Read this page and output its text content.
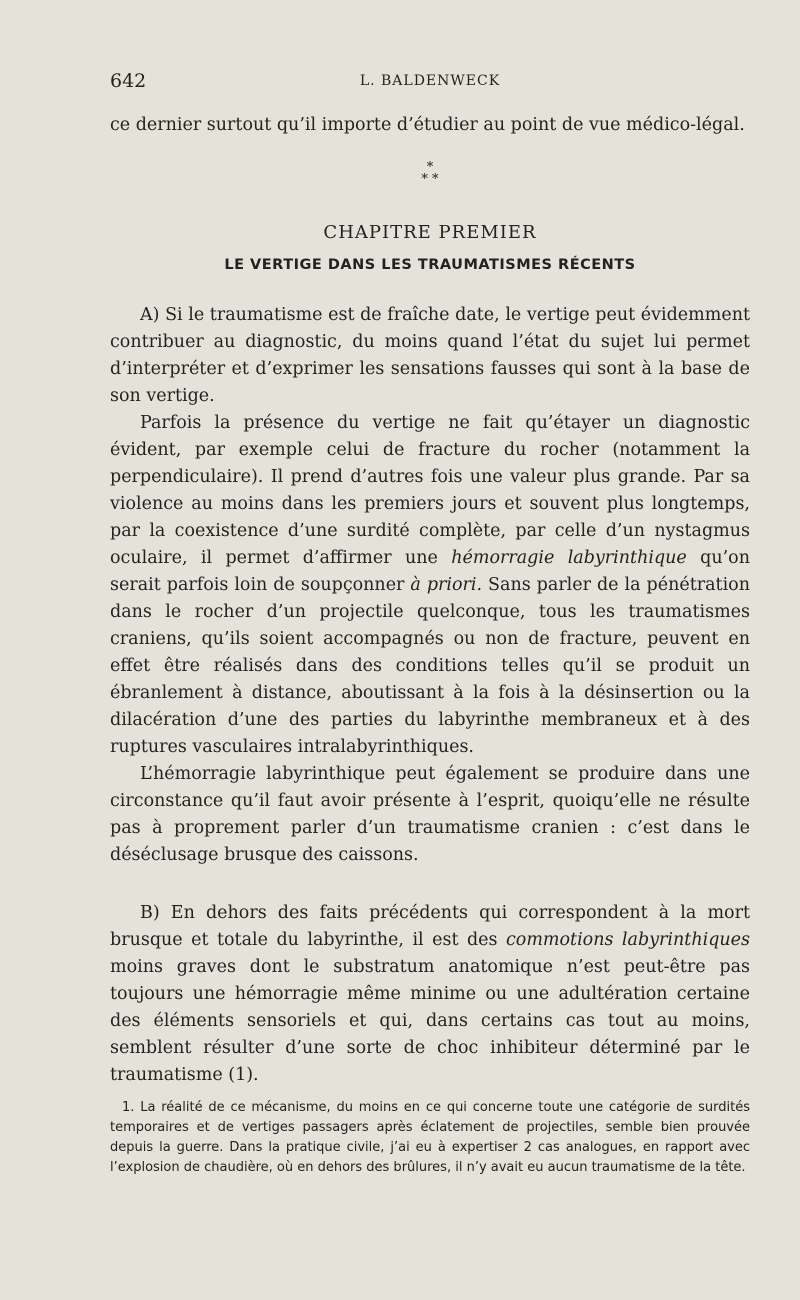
642	L. BALDENWECK

ce dernier surtout qu’il importe d’étudier au point de vue médico-légal.

*
* *
CHAPITRE PREMIER
LE VERTIGE DANS LES TRAUMATISMES RÉCENTS

A) Si le traumatisme est de fraîche date, le vertige peut évidemment contribuer au diagnostic, du moins quand l’état du sujet lui permet d’interpréter et d’exprimer les sensations fausses qui sont à la base de son vertige.

Parfois la présence du vertige ne fait qu’étayer un diagnostic évident, par exemple celui de fracture du rocher (notamment la perpendiculaire). Il prend d’autres fois une valeur plus grande. Par sa violence au moins dans les premiers jours et souvent plus longtemps, par la coexistence d’une surdité complète, par celle d’un nystagmus oculaire, il permet d’affirmer une hémorragie labyrinthique qu’on serait parfois loin de soupçonner à priori. Sans parler de la pénétration dans le rocher d’un projectile quelconque, tous les traumatismes craniens, qu’ils soient accompagnés ou non de fracture, peuvent en effet être réalisés dans des conditions telles qu’il se produit un ébranlement à distance, aboutissant à la fois à la désinsertion ou la dilacération d’une des parties du labyrinthe membraneux et à des ruptures vasculaires intralabyrinthiques.

L’hémorragie labyrinthique peut également se produire dans une circonstance qu’il faut avoir présente à l’esprit, quoiqu’elle ne résulte pas à proprement parler d’un traumatisme cranien : c’est dans le déséclusage brusque des caissons.

B) En dehors des faits précédents qui correspondent à la mort brusque et totale du labyrinthe, il est des commotions labyrinthiques moins graves dont le substratum anatomique n’est peut-être pas toujours une hémorragie même minime ou une adultération certaine des éléments sensoriels et qui, dans certains cas tout au moins, semblent résulter d’une sorte de choc inhibiteur déterminé par le traumatisme (1).

1. La réalité de ce mécanisme, du moins en ce qui concerne toute une catégorie de surdités temporaires et de vertiges passagers après éclatement de projectiles, semble bien prouvée depuis la guerre. Dans la pratique civile, j’ai eu à expertiser 2 cas analogues, en rapport avec l’explosion de chaudière, où en dehors des brûlures, il n’y avait eu aucun traumatisme de la tête.
